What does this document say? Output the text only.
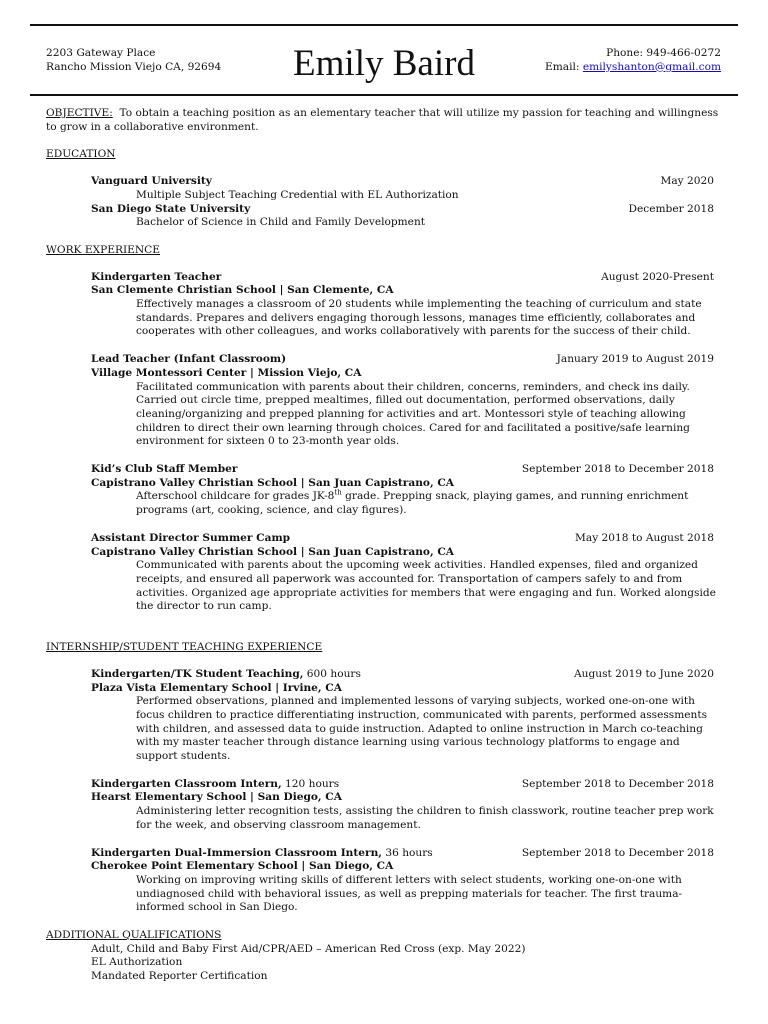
2203 Gateway Place
Rancho Mission Viejo CA, 92694	Emily Baird	Phone: 949-466-0272
Email: emilyshanton@gmail.com
OBJECTIVE: To obtain a teaching position as an elementary teacher that will utilize my passion for teaching and willingness to grow in a collaborative environment.
EDUCATION
Vanguard University	May 2020
Multiple Subject Teaching Credential with EL Authorization
San Diego State University	December 2018
Bachelor of Science in Child and Family Development
WORK EXPERIENCE
Kindergarten Teacher	August 2020-Present
San Clemente Christian School | San Clemente, CA
Effectively manages a classroom of 20 students while implementing the teaching of curriculum and state standards. Prepares and delivers engaging thorough lessons, manages time efficiently, collaborates and cooperates with other colleagues, and works collaboratively with parents for the success of their child.
Lead Teacher (Infant Classroom)	January 2019 to August 2019
Village Montessori Center | Mission Viejo, CA
Facilitated communication with parents about their children, concerns, reminders, and check ins daily. Carried out circle time, prepped mealtimes, filled out documentation, performed observations, daily cleaning/organizing and prepped planning for activities and art. Montessori style of teaching allowing children to direct their own learning through choices. Cared for and facilitated a positive/safe learning environment for sixteen 0 to 23-month year olds.
Kid’s Club Staff Member	September 2018 to December 2018
Capistrano Valley Christian School | San Juan Capistrano, CA
Afterschool childcare for grades JK-8th grade. Prepping snack, playing games, and running enrichment programs (art, cooking, science, and clay figures).
Assistant Director Summer Camp	May 2018 to August 2018
Capistrano Valley Christian School | San Juan Capistrano, CA
Communicated with parents about the upcoming week activities. Handled expenses, filed and organized receipts, and ensured all paperwork was accounted for. Transportation of campers safely to and from activities. Organized age appropriate activities for members that were engaging and fun. Worked alongside the director to run camp.
INTERNSHIP/STUDENT TEACHING EXPERIENCE
Kindergarten/TK Student Teaching, 600 hours	August 2019 to June 2020
Plaza Vista Elementary School | Irvine, CA
Performed observations, planned and implemented lessons of varying subjects, worked one-on-one with focus children to practice differentiating instruction, communicated with parents, performed assessments with children, and assessed data to guide instruction. Adapted to online instruction in March co-teaching with my master teacher through distance learning using various technology platforms to engage and support students.
Kindergarten Classroom Intern, 120 hours	September 2018 to December 2018
Hearst Elementary School | San Diego, CA
Administering letter recognition tests, assisting the children to finish classwork, routine teacher prep work for the week, and observing classroom management.
Kindergarten Dual-Immersion Classroom Intern, 36 hours	September 2018 to December 2018
Cherokee Point Elementary School | San Diego, CA
Working on improving writing skills of different letters with select students, working one-on-one with undiagnosed child with behavioral issues, as well as prepping materials for teacher. The first trauma-informed school in San Diego.
ADDITIONAL QUALIFICATIONS
Adult, Child and Baby First Aid/CPR/AED – American Red Cross (exp. May 2022)
EL Authorization
Mandated Reporter Certification
